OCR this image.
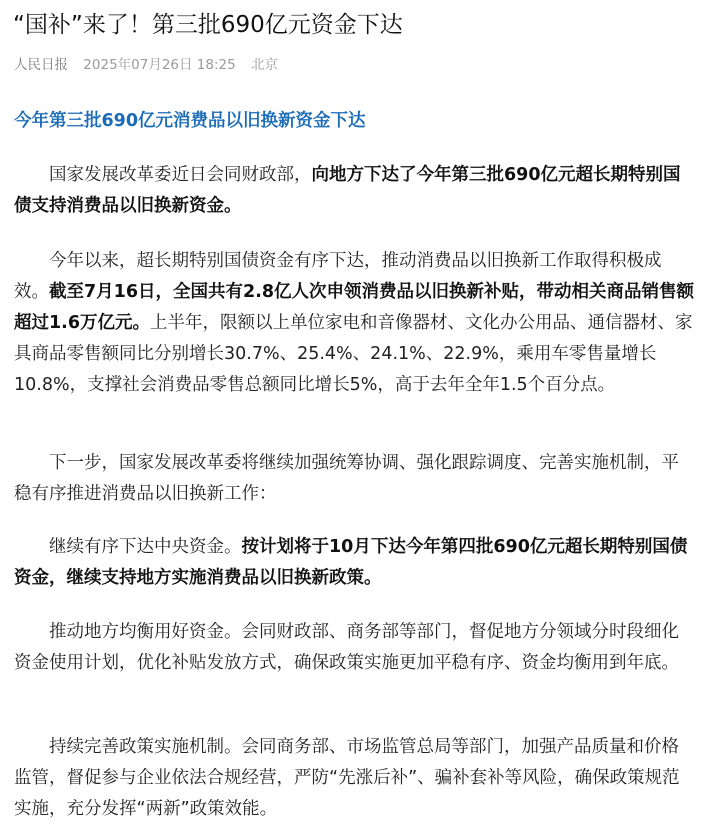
“国补”来了！第三批690亿元资金下达
人民日报 2025年07月26日 18:25 北京
今年第三批690亿元消费品以旧换新资金下达

国家发展改革委近日会同财政部，向地方下达了今年第三批690亿元超长期特别国债支持消费品以旧换新资金。

今年以来，超长期特别国债资金有序下达，推动消费品以旧换新工作取得积极成效。截至7月16日，全国共有2.8亿人次申领消费品以旧换新补贴，带动相关商品销售额超过1.6万亿元。上半年，限额以上单位家电和音像器材、文化办公用品、通信器材、家具商品零售额同比分别增长30.7%、25.4%、24.1%、22.9%，乘用车零售量增长10.8%，支撑社会消费品零售总额同比增长5%，高于去年全年1.5个百分点。

下一步，国家发展改革委将继续加强统筹协调、强化跟踪调度、完善实施机制，平稳有序推进消费品以旧换新工作：

继续有序下达中央资金。按计划将于10月下达今年第四批690亿元超长期特别国债资金，继续支持地方实施消费品以旧换新政策。

推动地方均衡用好资金。会同财政部、商务部等部门，督促地方分领域分时段细化资金使用计划，优化补贴发放方式，确保政策实施更加平稳有序、资金均衡用到年底。

持续完善政策实施机制。会同商务部、市场监管总局等部门，加强产品质量和价格监管，督促参与企业依法合规经营，严防“先涨后补”、骗补套补等风险，确保政策规范实施，充分发挥“两新”政策效能。
